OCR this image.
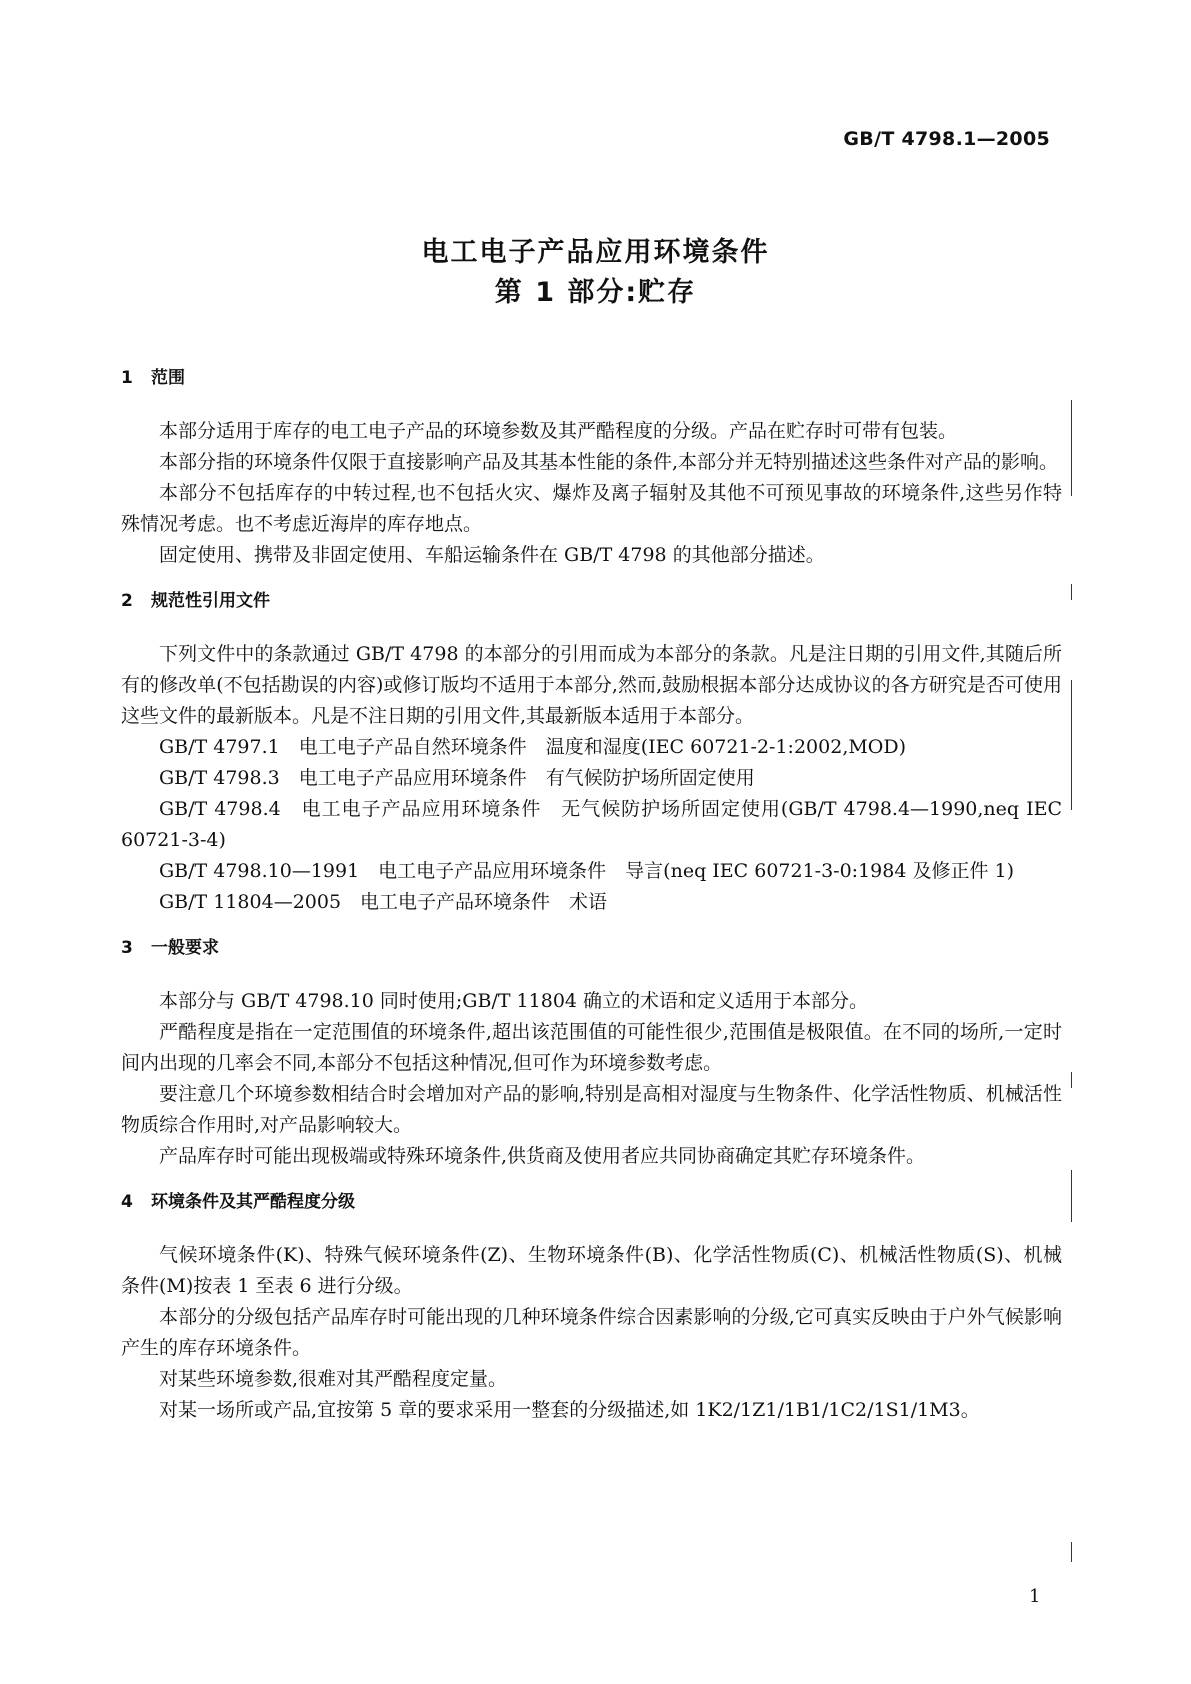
GB/T 4798.1—2005
电工电子产品应用环境条件
第 1 部分:贮存
1	范围

本部分适用于库存的电工电子产品的环境参数及其严酷程度的分级。产品在贮存时可带有包装。

本部分指的环境条件仅限于直接影响产品及其基本性能的条件,本部分并无特别描述这些条件对产品的影响。

本部分不包括库存的中转过程,也不包括火灾、爆炸及离子辐射及其他不可预见事故的环境条件,这些另作特殊情况考虑。也不考虑近海岸的库存地点。

固定使用、携带及非固定使用、车船运输条件在 GB/T 4798 的其他部分描述。

2	规范性引用文件

下列文件中的条款通过 GB/T 4798 的本部分的引用而成为本部分的条款。凡是注日期的引用文件,其随后所有的修改单(不包括勘误的内容)或修订版均不适用于本部分,然而,鼓励根据本部分达成协议的各方研究是否可使用这些文件的最新版本。凡是不注日期的引用文件,其最新版本适用于本部分。

GB/T 4797.1　电工电子产品自然环境条件　温度和湿度(IEC 60721-2-1:2002,MOD)

GB/T 4798.3　电工电子产品应用环境条件　有气候防护场所固定使用

GB/T 4798.4　电工电子产品应用环境条件　无气候防护场所固定使用(GB/T 4798.4—1990,neq IEC 60721-3-4)

GB/T 4798.10—1991　电工电子产品应用环境条件　导言(neq IEC 60721-3-0:1984 及修正件 1)

GB/T 11804—2005　电工电子产品环境条件　术语

3	一般要求

本部分与 GB/T 4798.10 同时使用;GB/T 11804 确立的术语和定义适用于本部分。

严酷程度是指在一定范围值的环境条件,超出该范围值的可能性很少,范围值是极限值。在不同的场所,一定时间内出现的几率会不同,本部分不包括这种情况,但可作为环境参数考虑。

要注意几个环境参数相结合时会增加对产品的影响,特别是高相对湿度与生物条件、化学活性物质、机械活性物质综合作用时,对产品影响较大。

产品库存时可能出现极端或特殊环境条件,供货商及使用者应共同协商确定其贮存环境条件。

4	环境条件及其严酷程度分级

气候环境条件(K)、特殊气候环境条件(Z)、生物环境条件(B)、化学活性物质(C)、机械活性物质(S)、机械条件(M)按表 1 至表 6 进行分级。

本部分的分级包括产品库存时可能出现的几种环境条件综合因素影响的分级,它可真实反映由于户外气候影响产生的库存环境条件。

对某些环境参数,很难对其严酷程度定量。

对某一场所或产品,宜按第 5 章的要求采用一整套的分级描述,如 1K2/1Z1/1B1/1C2/1S1/1M3。

1
